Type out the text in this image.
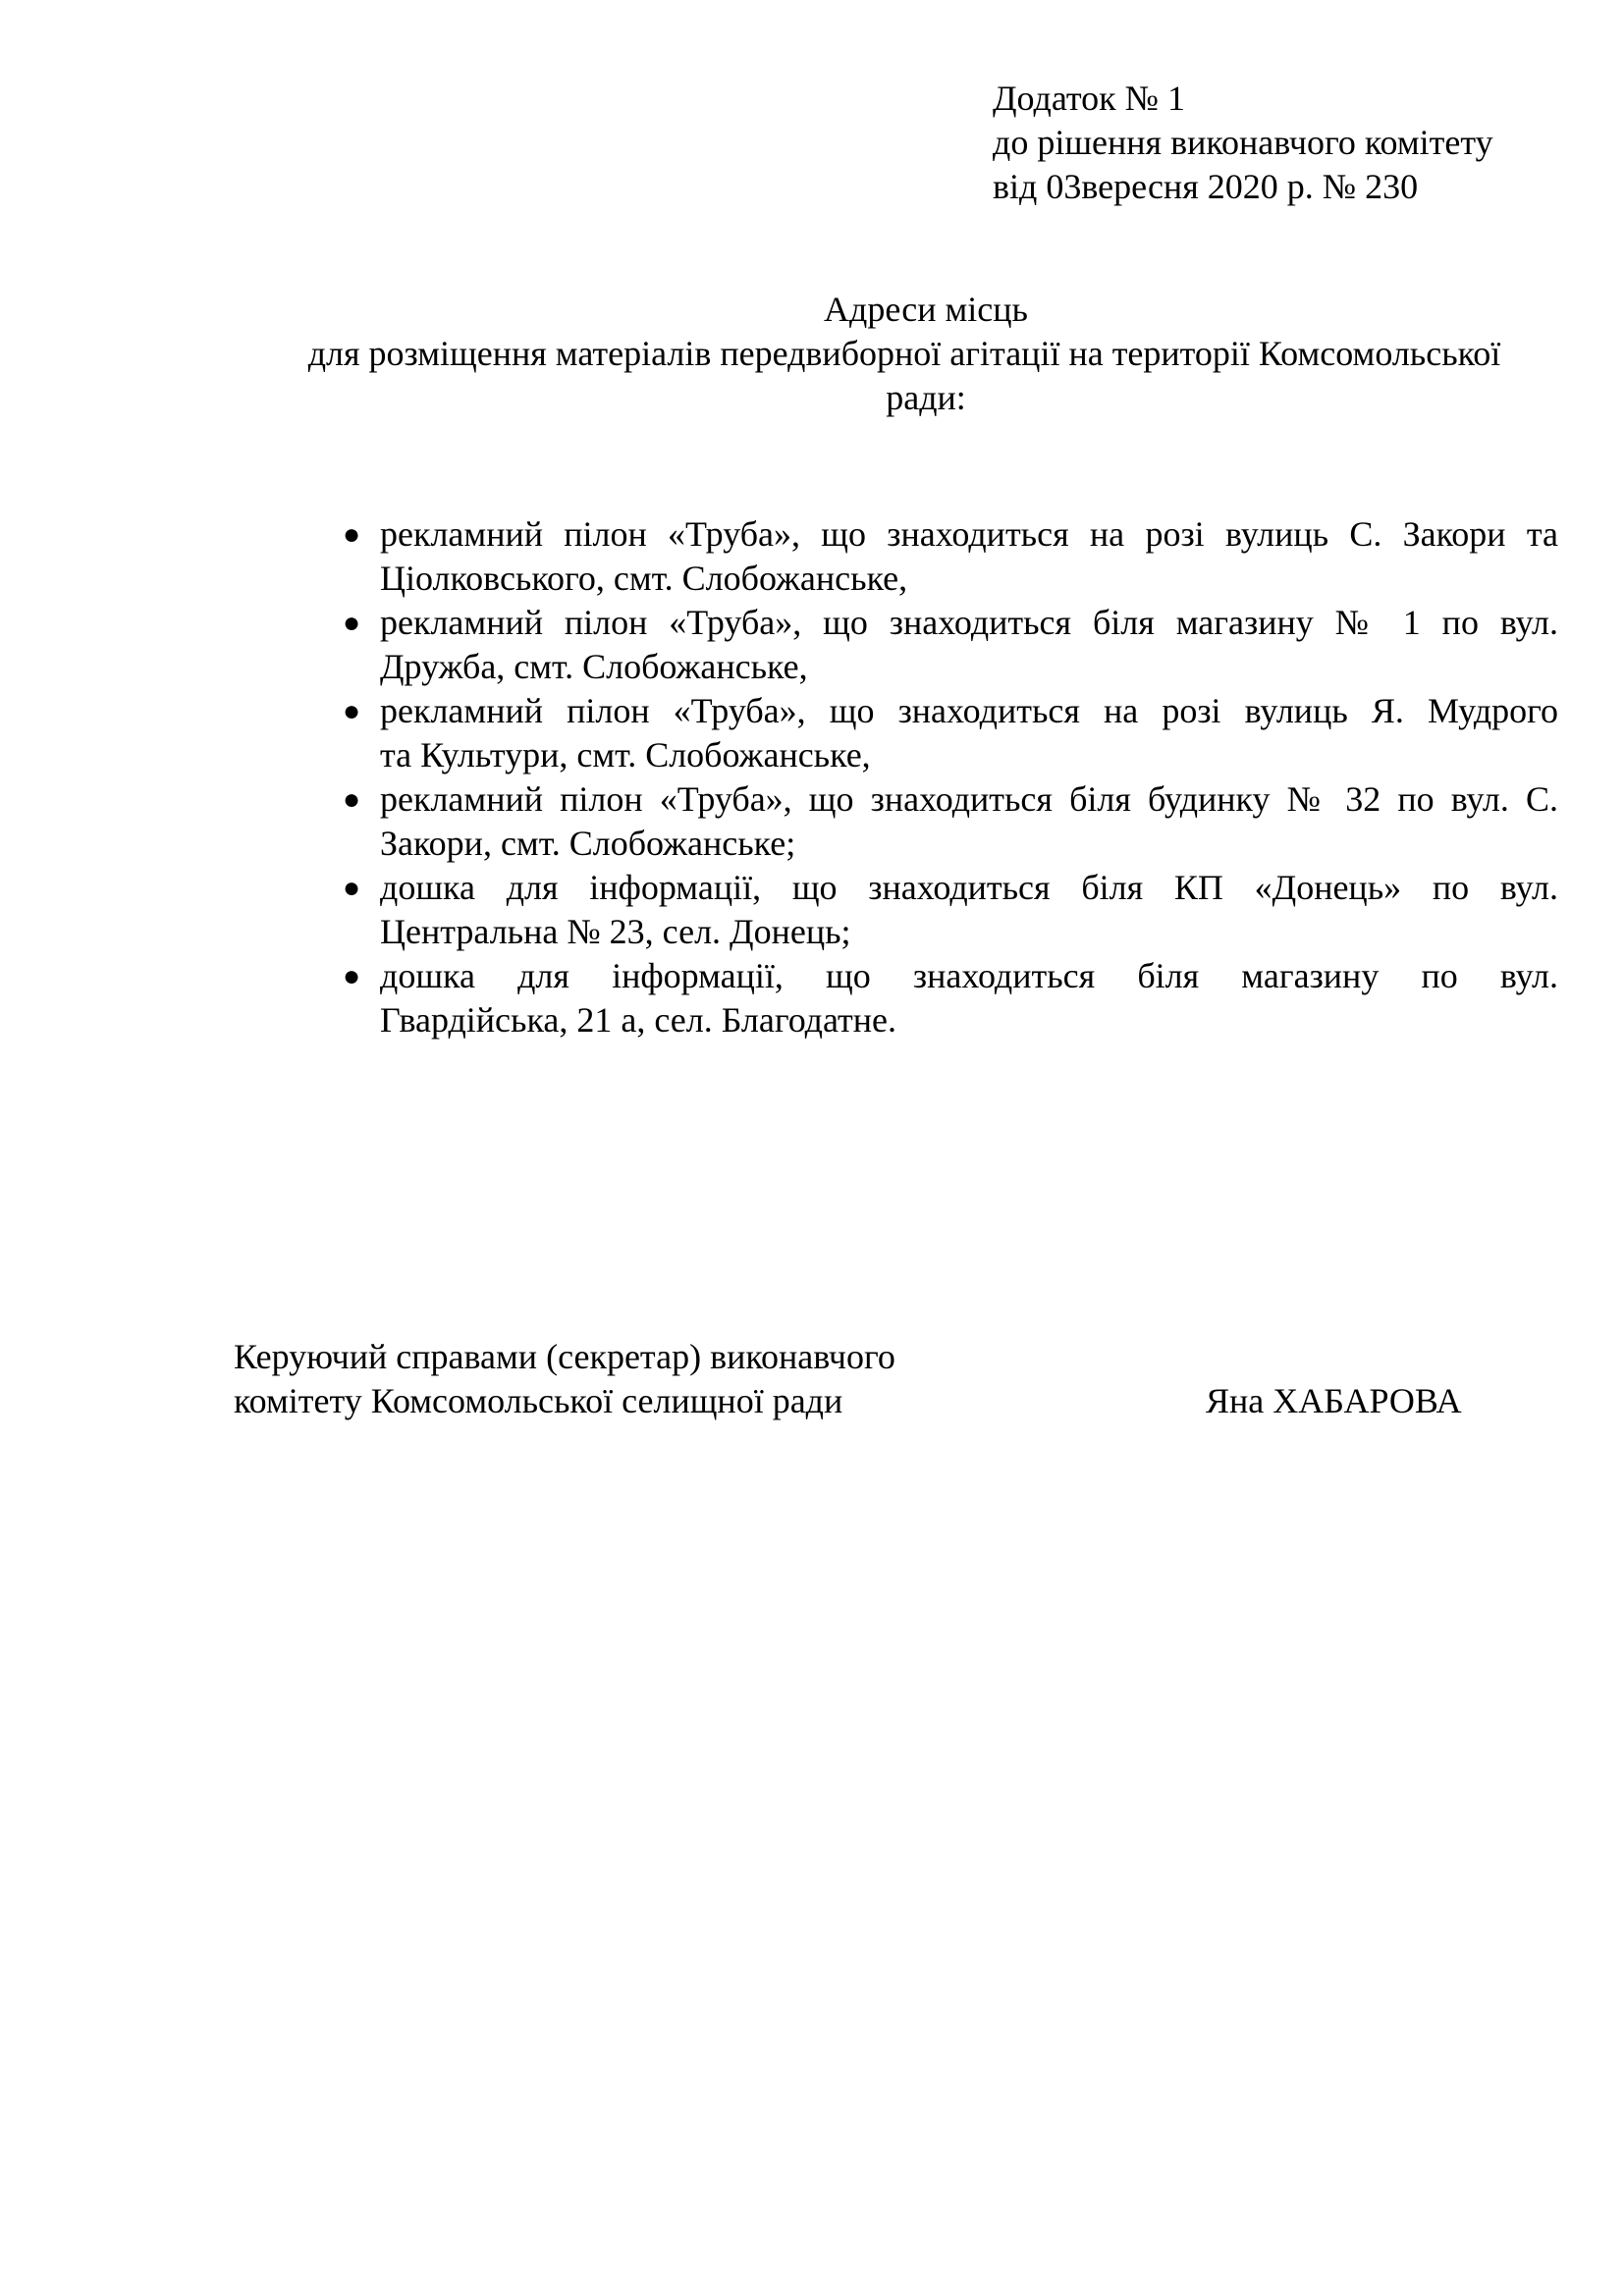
Додаток № 1
до рішення виконавчого комітету
від 03вересня 2020 р. № 230
Адреси місць
для розміщення матеріалів передвиборної агітації на території Комсомольської
ради:
● рекламний пілон «Труба», що знаходиться на розі вулиць С. Закори та
Ціолковського, смт. Слобожанське,
● рекламний пілон «Труба», що знаходиться біля магазину № 1 по вул.
Дружба, смт. Слобожанське,
● рекламний пілон «Труба», що знаходиться на розі вулиць Я. Мудрого
та Культури, смт. Слобожанське,
● рекламний пілон «Труба», що знаходиться біля будинку № 32 по вул. С.
Закори, смт. Слобожанське;
● дошка для інформації, що знаходиться біля КП «Донець» по вул.
Центральна № 23, сел. Донець;
● дошка для інформації, що знаходиться біля магазину по вул.
Гвардійська, 21 а, сел. Благодатне.
Керуючий справами (секретар) виконавчого
комітету Комсомольської селищної ради	Яна ХАБАРОВА
